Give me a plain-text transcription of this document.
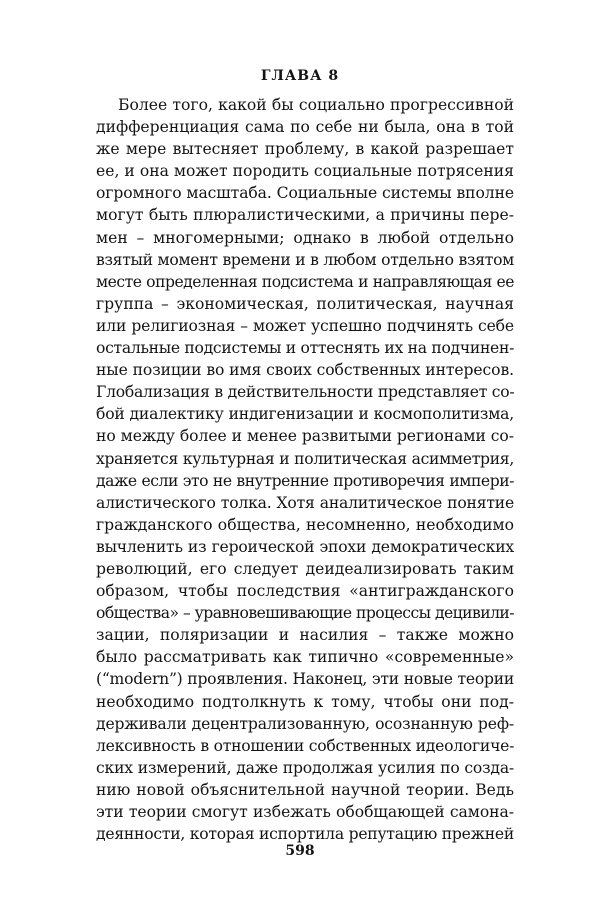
ГЛАВА 8
Более того, какой бы социально прогрессивной
дифференциация сама по себе ни была, она в той
же мере вытесняет проблему, в какой разрешает
ее, и она может породить социальные потрясения
огромного масштаба. Социальные системы вполне
могут быть плюралистическими, а причины пере-
мен – многомерными; однако в любой отдельно
взятый момент времени и в любом отдельно взятом
месте определенная подсистема и направляющая ее
группа – экономическая, политическая, научная
или религиозная – может успешно подчинять себе
остальные подсистемы и оттеснять их на подчинен-
ные позиции во имя своих собственных интересов.
Глобализация в действительности представляет со-
бой диалектику индигенизации и космополитизма,
но между более и менее развитыми регионами со-
храняется культурная и политическая асимметрия,
даже если это не внутренние противоречия импери-
алистического толка. Хотя аналитическое понятие
гражданского общества, несомненно, необходимо
вычленить из героической эпохи демократических
революций, его следует деидеализировать таким
образом, чтобы последствия «антигражданского
общества» – уравновешивающие процессы децивили-
зации, поляризации и насилия – также можно
было рассматривать как типично «современные»
(“modern”) проявления. Наконец, эти новые теории
необходимо подтолкнуть к тому, чтобы они под-
держивали децентрализованную, осознанную реф-
лексивность в отношении собственных идеологиче-
ских измерений, даже продолжая усилия по созда-
нию новой объяснительной научной теории. Ведь
эти теории смогут избежать обобщающей самона-
деянности, которая испортила репутацию прежней
598
